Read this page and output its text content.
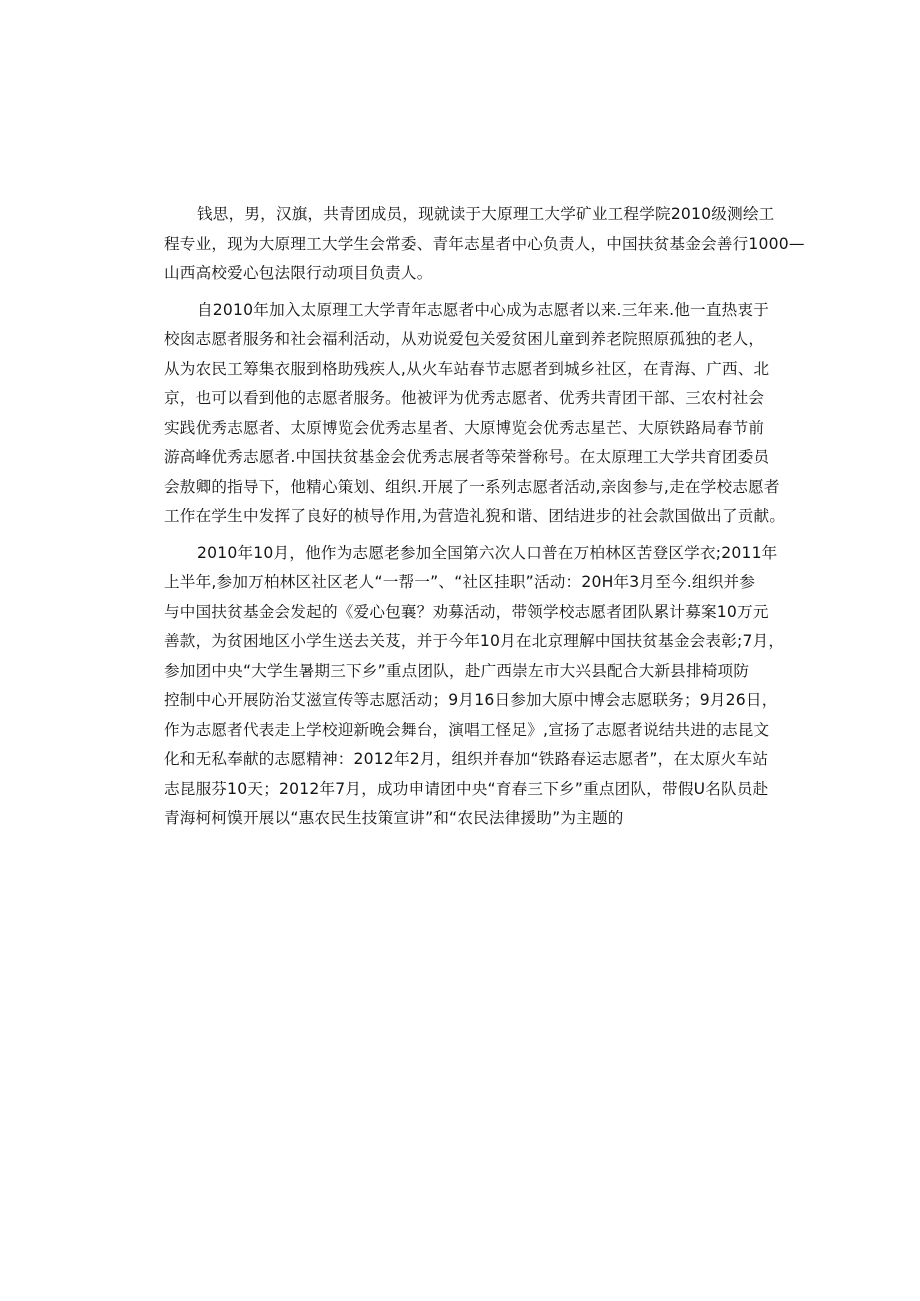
钱思，男，汉旗，共青团成员，现就读于大原理工大学矿业工程学院2010级测绘工
程专业，现为大原理工大学生会常委、青年志星者中心负责人，中国扶贫基金会善行1000—
山西高校爱心包法限行动项目负责人。
自2010年加入太原理工大学青年志愿者中心成为志愿者以来.三年来.他一直热衷于
校囱志愿者服务和社会福利活动，从劝说爱包关爱贫困儿童到养老院照原孤独的老人，
从为农民工筹集衣服到格助残疾人,从火车站春节志愿者到城乡社区，在青海、广西、北
京，也可以看到他的志愿者服务。他被评为优秀志愿者、优秀共青团干部、三农村社会
实践优秀志愿者、太原博览会优秀志星者、大原博览会优秀志星芒、大原铁路局春节前
游高峰优秀志愿者.中国扶贫基金会优秀志展者等荣誉称号。在太原理工大学共育团委员
会敖卿的指导下，他精心策划、组织.开展了一系列志愿者活动,亲囱参与,走在学校志愿者
工作在学生中发挥了良好的桢导作用,为营造礼猊和谐、团结进步的社会款国做出了贡献。
2010年10月，他作为志愿老参加全国第六次人口普在万柏林区苦登区学衣;2011年
上半年,参加万柏林区社区老人“一帮一”、“社区挂职”活动：20H年3月至今.组织并参
与中国扶贫基金会发起的《爱心包襄？劝募活动，带领学校志愿者团队累计募案10万元
善款，为贫困地区小学生送去关芨，并于今年10月在北京理解中国扶贫基金会表彰;7月，
参加团中央“大学生暑期三下乡”重点团队，赴广西崇左市大兴县配合大新县排椅项防
控制中心开展防治艾滋宣传等志愿活动；9月16日参加大原中博会志愿联务；9月26日，
作为志愿者代表走上学校迎新晚会舞台，演唱工怪足》,宣扬了志愿者说结共进的志昆文
化和无私奉献的志愿精神：2012年2月，组织并春加“铁路春运志愿者”，在太原火车站
志昆服芬10天；2012年7月，成功申请团中央“育春三下乡”重点团队，带假U名队员赴
青海柯柯馍开展以“惠农民生技策宣讲”和“农民法律援助”为主题的
